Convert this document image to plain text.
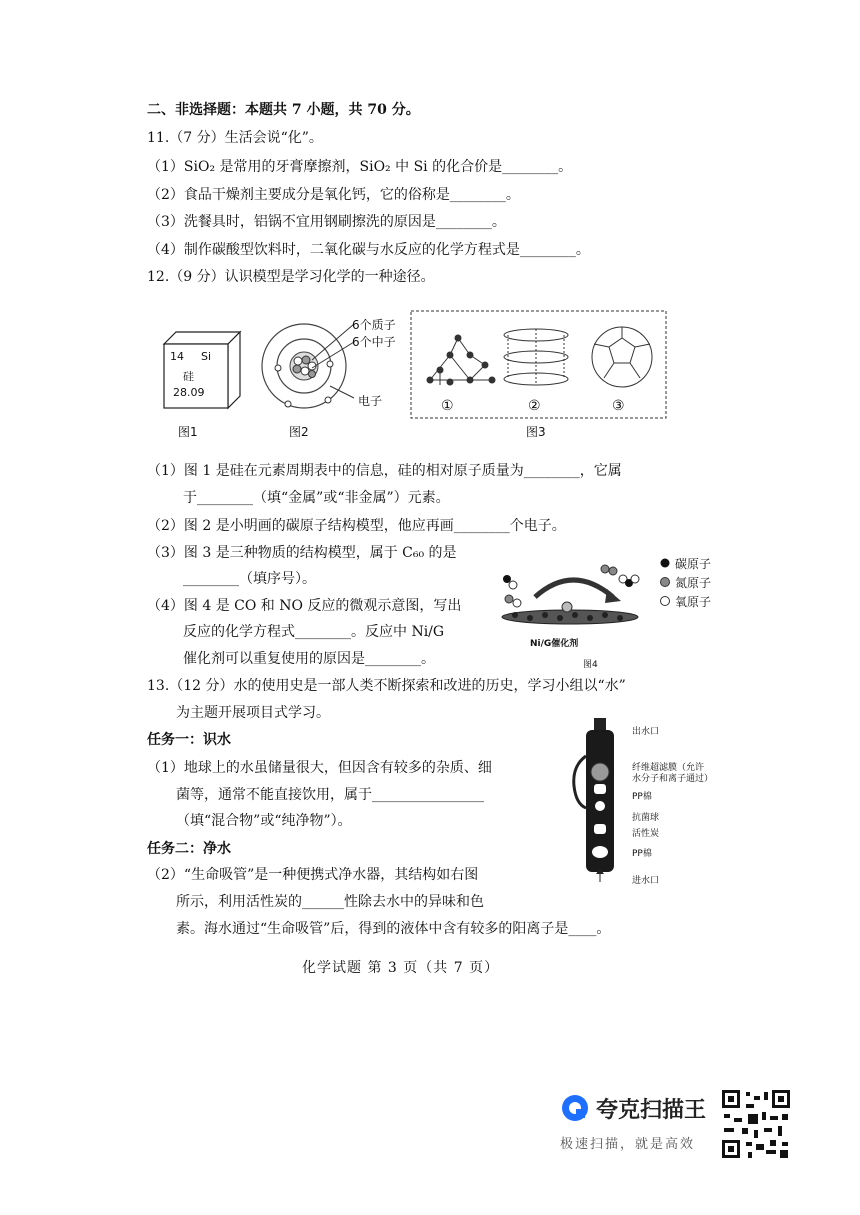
二、非选择题：本题共 7 小题，共 70 分。
11.（7 分）生活会说“化”。
（1）SiO₂ 是常用的牙膏摩擦剂，SiO₂ 中 Si 的化合价是________。
（2）食品干燥剂主要成分是氧化钙，它的俗称是________。
（3）洗餐具时，铝锅不宜用钢刷擦洗的原因是________。
（4）制作碳酸型饮料时，二氧化碳与水反应的化学方程式是________。
12.（9 分）认识模型是学习化学的一种途径。
14 Si
硅
28.09
图1
6个质子
6个中子
电子
图2
①	②	③
图3
（1）图 1 是硅在元素周期表中的信息，硅的相对原子质量为________，它属
于________（填“金属”或“非金属”）元素。
（2）图 2 是小明画的碳原子结构模型，他应再画________个电子。
（3）图 3 是三种物质的结构模型，属于 C₆₀ 的是
________（填序号）。
（4）图 4 是 CO 和 NO 反应的微观示意图，写出
反应的化学方程式________。反应中 Ni/G
催化剂可以重复使用的原因是________。
Ni/G催化剂
图4
碳原子
氮原子
氧原子
13.（12 分）水的使用史是一部人类不断探索和改进的历史，学习小组以“水”
为主题开展项目式学习。
任务一：识水
（1）地球上的水虽储量很大，但因含有较多的杂质、细
菌等，通常不能直接饮用，属于________________
（填“混合物”或“纯净物”）。
任务二：净水
（2）“生命吸管”是一种便携式净水器，其结构如右图
所示，利用活性炭的______性除去水中的异味和色
素。海水通过“生命吸管”后，得到的液体中含有较多的阳离子是____。
出水口
纤维超滤膜（允许
水分子和离子通过）
PP棉
抗菌球
活性炭
PP棉
进水口
化学试题 第 3 页（共 7 页）
夸克扫描王
极速扫描，就是高效
